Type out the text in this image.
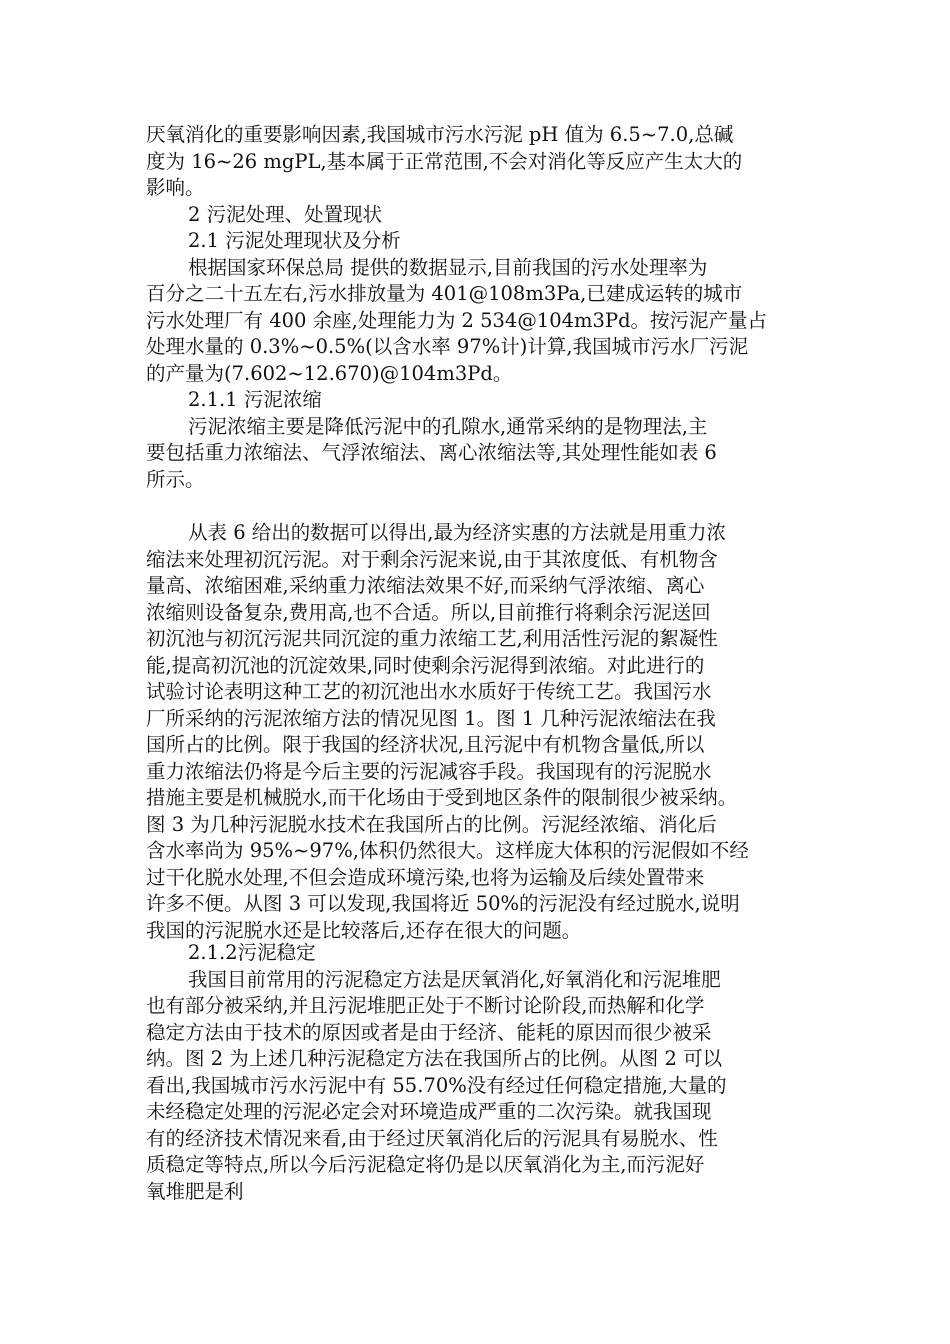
厌氧消化的重要影响因素,我国城市污水污泥 pH 值为 6.5~7.0,总碱

度为 16~26 mgPL,基本属于正常范围,不会对消化等反应产生太大的

影响。

2 污泥处理、处置现状

2.1 污泥处理现状及分析

根据国家环保总局 提供的数据显示,目前我国的污水处理率为

百分之二十五左右,污水排放量为 401@108m3Pa,已建成运转的城市

污水处理厂有 400 余座,处理能力为 2 534@104m3Pd。按污泥产量占

处理水量的 0.3%~0.5%(以含水率 97%计)计算,我国城市污水厂污泥

的产量为(7.602~12.670)@104m3Pd。

2.1.1 污泥浓缩

污泥浓缩主要是降低污泥中的孔隙水,通常采纳的是物理法,主

要包括重力浓缩法、气浮浓缩法、离心浓缩法等,其处理性能如表 6

所示。

从表 6 给出的数据可以得出,最为经济实惠的方法就是用重力浓

缩法来处理初沉污泥。对于剩余污泥来说,由于其浓度低、有机物含

量高、浓缩困难,采纳重力浓缩法效果不好,而采纳气浮浓缩、离心

浓缩则设备复杂,费用高,也不合适。所以,目前推行将剩余污泥送回

初沉池与初沉污泥共同沉淀的重力浓缩工艺,利用活性污泥的絮凝性

能,提高初沉池的沉淀效果,同时使剩余污泥得到浓缩。对此进行的

试验讨论表明这种工艺的初沉池出水水质好于传统工艺。我国污水

厂所采纳的污泥浓缩方法的情况见图 1。图 1 几种污泥浓缩法在我

国所占的比例。限于我国的经济状况,且污泥中有机物含量低,所以

重力浓缩法仍将是今后主要的污泥减容手段。我国现有的污泥脱水

措施主要是机械脱水,而干化场由于受到地区条件的限制很少被采纳。

图 3 为几种污泥脱水技术在我国所占的比例。污泥经浓缩、消化后

含水率尚为 95%~97%,体积仍然很大。这样庞大体积的污泥假如不经

过干化脱水处理,不但会造成环境污染,也将为运输及后续处置带来

许多不便。从图 3 可以发现,我国将近 50%的污泥没有经过脱水,说明

我国的污泥脱水还是比较落后,还存在很大的问题。

2.1.2污泥稳定

我国目前常用的污泥稳定方法是厌氧消化,好氧消化和污泥堆肥

也有部分被采纳,并且污泥堆肥正处于不断讨论阶段,而热解和化学

稳定方法由于技术的原因或者是由于经济、能耗的原因而很少被采

纳。图 2 为上述几种污泥稳定方法在我国所占的比例。从图 2 可以

看出,我国城市污水污泥中有 55.70%没有经过任何稳定措施,大量的

未经稳定处理的污泥必定会对环境造成严重的二次污染。就我国现

有的经济技术情况来看,由于经过厌氧消化后的污泥具有易脱水、性

质稳定等特点,所以今后污泥稳定将仍是以厌氧消化为主,而污泥好

氧堆肥是利
